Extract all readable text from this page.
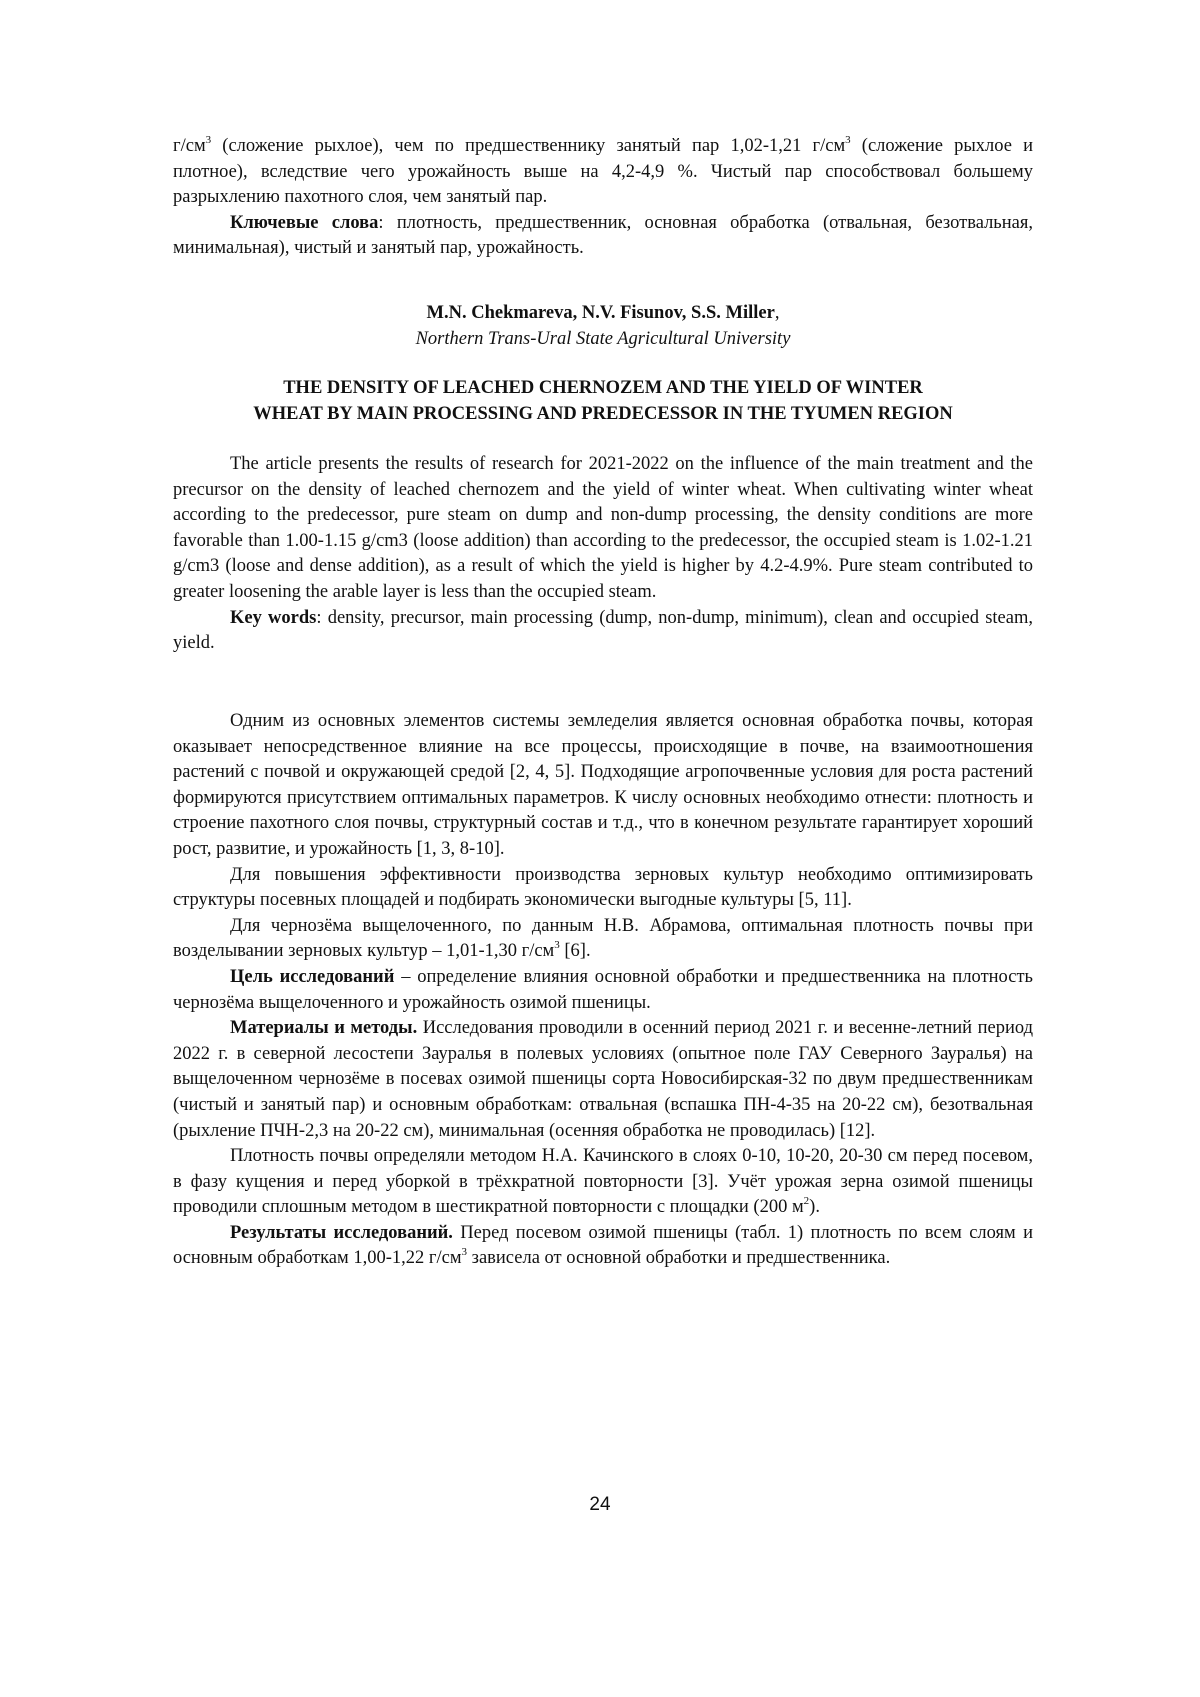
$г/см^3$ (сложение рыхлое), чем по предшественнику занятый пар 1,02-1,21 $г/см^3$ (сложение рыхлое и плотное), вследствие чего урожайность выше на 4,2-4,9 %. Чистый пар способствовал большему разрыхлению пахотного слоя, чем занятый пар.

Ключевые слова: плотность, предшественник, основная обработка (отвальная, безотвальная, минимальная), чистый и занятый пар, урожайность.

M.N. Chekmareva, N.V. Fisunov, S.S. Miller,

Northern Trans-Ural State Agricultural University

THE DENSITY OF LEACHED CHERNOZEM AND THE YIELD OF WINTER

WHEAT BY MAIN PROCESSING AND PREDECESSOR IN THE TYUMEN REGION

The article presents the results of research for 2021-2022 on the influence of the main treatment and the precursor on the density of leached chernozem and the yield of winter wheat. When cultivating winter wheat according to the predecessor, pure steam on dump and non-dump processing, the density conditions are more favorable than 1.00-1.15 g/cm3 (loose addition) than according to the predecessor, the occupied steam is 1.02-1.21 g/cm3 (loose and dense addition), as a result of which the yield is higher by 4.2-4.9%. Pure steam contributed to greater loosening the arable layer is less than the occupied steam.

Key words: density, precursor, main processing (dump, non-dump, minimum), clean and occupied steam, yield.

Одним из основных элементов системы земледелия является основная обработка почвы, которая оказывает непосредственное влияние на все процессы, происходящие в почве, на взаимоотношения растений с почвой и окружающей средой [2, 4, 5]. Подходящие агропочвенные условия для роста растений формируются присутствием оптимальных параметров. К числу основных необходимо отнести: плотность и строение пахотного слоя почвы, структурный состав и т.д., что в конечном результате гарантирует хороший рост, развитие, и урожайность [1, 3, 8-10].

Для повышения эффективности производства зерновых культур необходимо оптимизировать структуры посевных площадей и подбирать экономически выгодные культуры [5, 11].

Для чернозёма выщелоченного, по данным Н.В. Абрамова, оптимальная плотность почвы при возделывании зерновых культур – 1,01-1,30 $г/см^3$ [6].

Цель исследований – определение влияния основной обработки и предшественника на плотность чернозёма выщелоченного и урожайность озимой пшеницы.

Материалы и методы. Исследования проводили в осенний период 2021 г. и весенне-летний период 2022 г. в северной лесостепи Зауралья в полевых условиях (опытное поле ГАУ Северного Зауралья) на выщелоченном чернозёме в посевах озимой пшеницы сорта Новосибирская-32 по двум предшественникам (чистый и занятый пар) и основным обработкам: отвальная (вспашка ПН-4-35 на 20-22 см), безотвальная (рыхление ПЧН-2,3 на 20-22 см), минимальная (осенняя обработка не проводилась) [12].

Плотность почвы определяли методом Н.А. Качинского в слоях 0-10, 10-20, 20-30 см перед посевом, в фазу кущения и перед уборкой в трёхкратной повторности [3]. Учёт урожая зерна озимой пшеницы проводили сплошным методом в шестикратной повторности с площадки (200 $м^2$).

Результаты исследований. Перед посевом озимой пшеницы (табл. 1) плотность по всем слоям и основным обработкам 1,00-1,22 $г/см^3$ зависела от основной обработки и предшественника.

24
